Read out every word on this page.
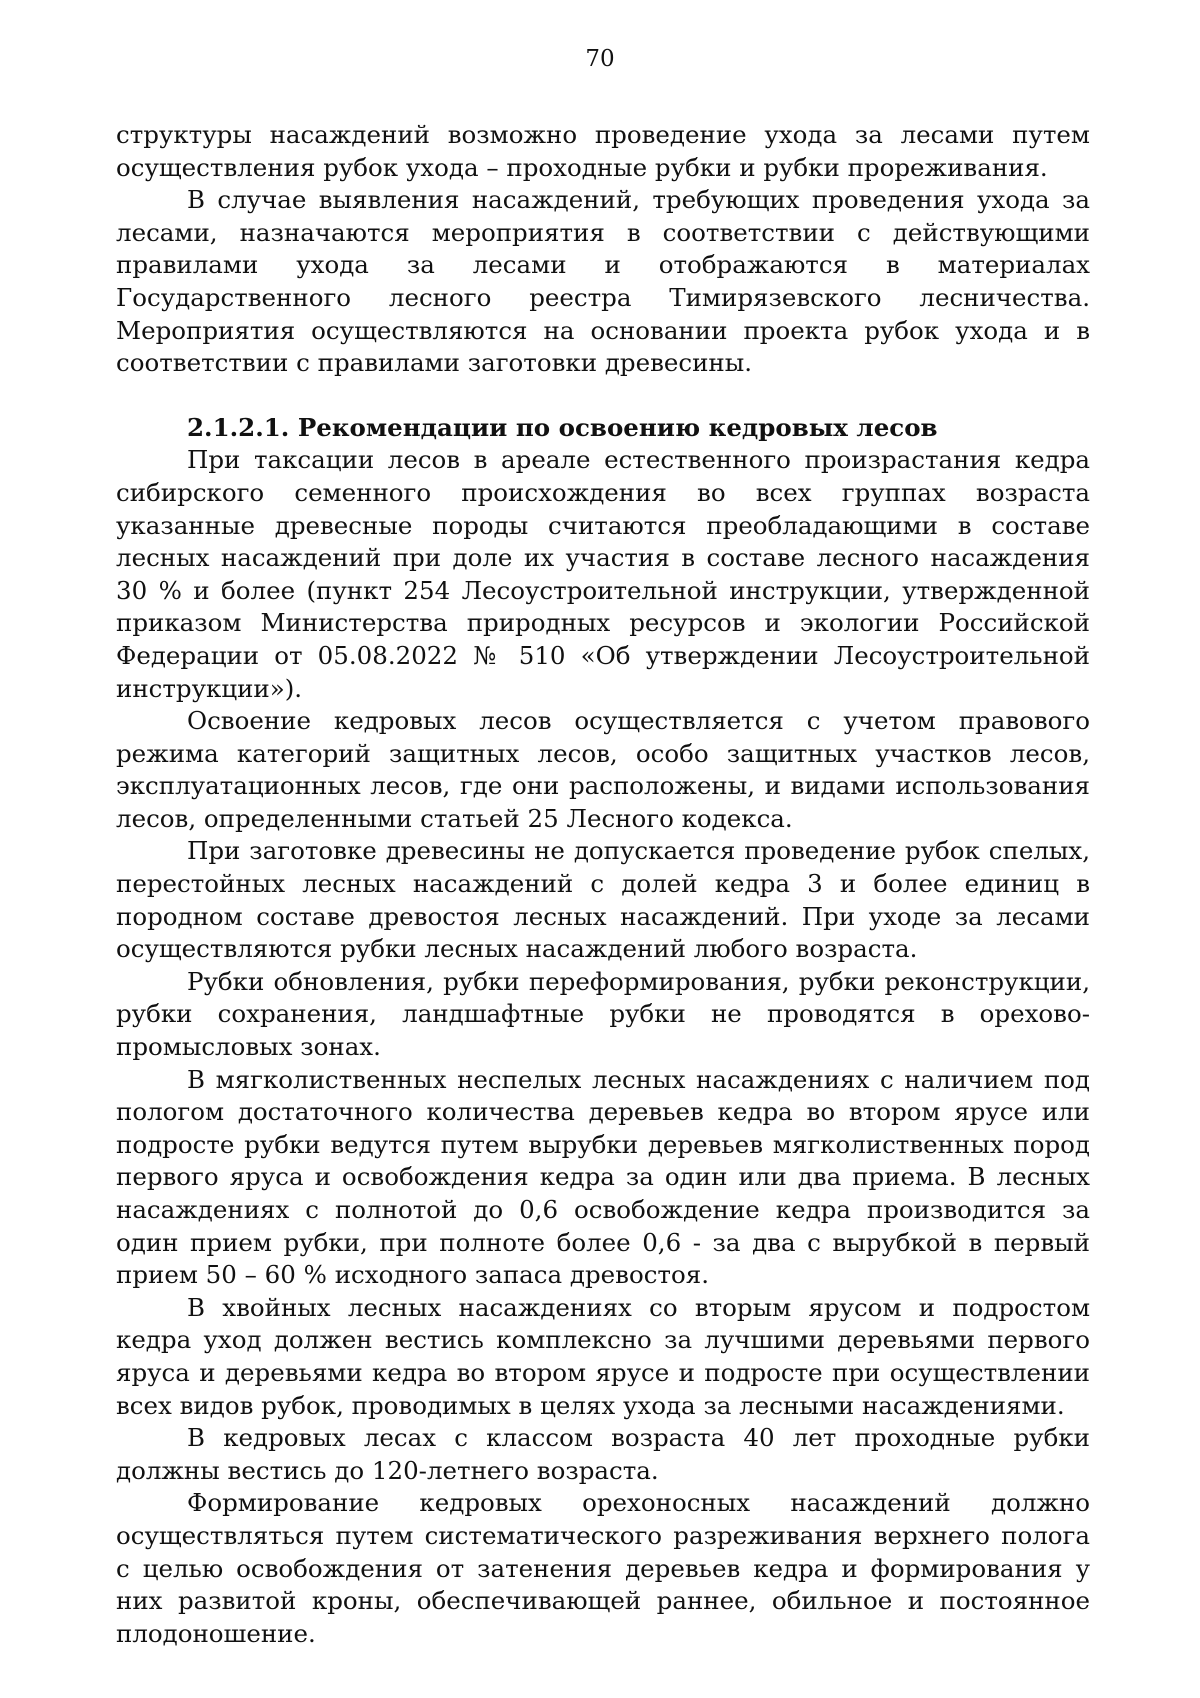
70

структуры насаждений возможно проведение ухода за лесами путем осуществления рубок ухода – проходные рубки и рубки прореживания.

В случае выявления насаждений, требующих проведения ухода за лесами, назначаются мероприятия в соответствии с действующими правилами ухода за лесами и отображаются в материалах Государственного лесного реестра Тимирязевского лесничества. Мероприятия осуществляются на основании проекта рубок ухода и в соответствии с правилами заготовки древесины.

2.1.2.1. Рекомендации по освоению кедровых лесов

При таксации лесов в ареале естественного произрастания кедра сибирского семенного происхождения во всех группах возраста указанные древесные породы считаются преобладающими в составе лесных насаждений при доле их участия в составе лесного насаждения 30 % и более (пункт 254 Лесоустроительной инструкции, утвержденной приказом Министерства природных ресурсов и экологии Российской Федерации от 05.08.2022 № 510 «Об утверждении Лесоустроительной инструкции»).

Освоение кедровых лесов осуществляется с учетом правового режима категорий защитных лесов, особо защитных участков лесов, эксплуатационных лесов, где они расположены, и видами использования лесов, определенными статьей 25 Лесного кодекса.

При заготовке древесины не допускается проведение рубок спелых, перестойных лесных насаждений с долей кедра 3 и более единиц в породном составе древостоя лесных насаждений. При уходе за лесами осуществляются рубки лесных насаждений любого возраста.

Рубки обновления, рубки переформирования, рубки реконструкции, рубки сохранения, ландшафтные рубки не проводятся в орехово-промысловых зонах.

В мягколиственных неспелых лесных насаждениях с наличием под пологом достаточного количества деревьев кедра во втором ярусе или подросте рубки ведутся путем вырубки деревьев мягколиственных пород первого яруса и освобождения кедра за один или два приема. В лесных насаждениях с полнотой до 0,6 освобождение кедра производится за один прием рубки, при полноте более 0,6 - за два с вырубкой в первый прием 50 – 60 % исходного запаса древостоя.

В хвойных лесных насаждениях со вторым ярусом и подростом кедра уход должен вестись комплексно за лучшими деревьями первого яруса и деревьями кедра во втором ярусе и подросте при осуществлении всех видов рубок, проводимых в целях ухода за лесными насаждениями.

В кедровых лесах с классом возраста 40 лет проходные рубки должны вестись до 120-летнего возраста.

Формирование кедровых орехоносных насаждений должно осуществляться путем систематического разреживания верхнего полога с целью освобождения от затенения деревьев кедра и формирования у них развитой кроны, обеспечивающей раннее, обильное и постоянное плодоношение.
